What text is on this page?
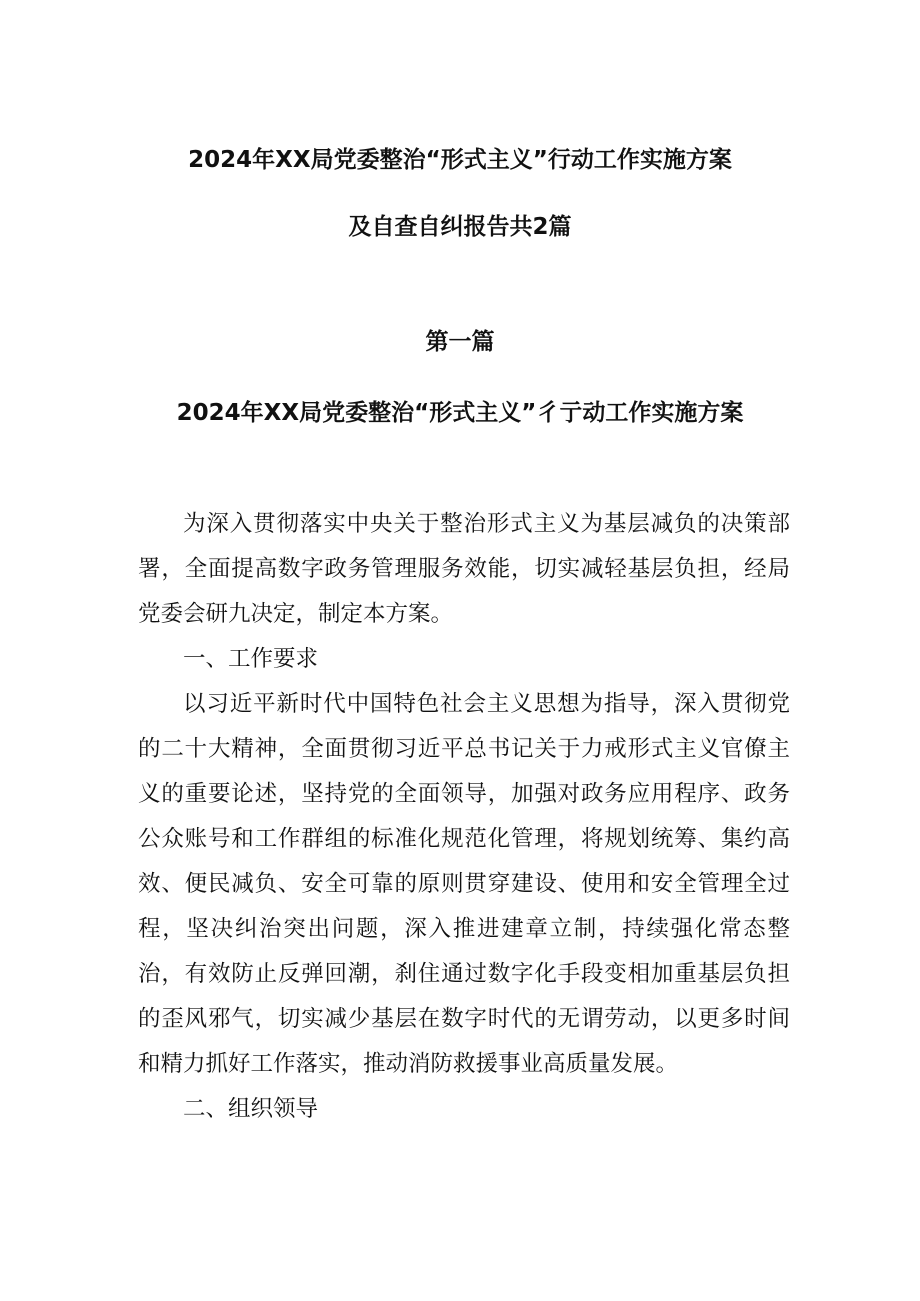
2024年XX局党委整治“形式主义”行动工作实施方案
及自查自纠报告共2篇
第一篇
2024年XX局党委整治“形式主义”彳亍动工作实施方案

为深入贯彻落实中央关于整治形式主义为基层减负的决策部署，全面提高数字政务管理服务效能，切实减轻基层负担，经局党委会研九决定，制定本方案。

一、工作要求

以习近平新时代中国特色社会主义思想为指导，深入贯彻党的二十大精神，全面贯彻习近平总书记关于力戒形式主义官僚主义的重要论述，坚持党的全面领导，加强对政务应用程序、政务公众账号和工作群组的标准化规范化管理，将规划统筹、集约高效、便民减负、安全可靠的原则贯穿建设、使用和安全管理全过程，坚决纠治突出问题，深入推进建章立制，持续强化常态整治，有效防止反弹回潮，刹住通过数字化手段变相加重基层负担的歪风邪气，切实减少基层在数字时代的无谓劳动，以更多时间和精力抓好工作落实，推动消防救援事业高质量发展。

二、组织领导
